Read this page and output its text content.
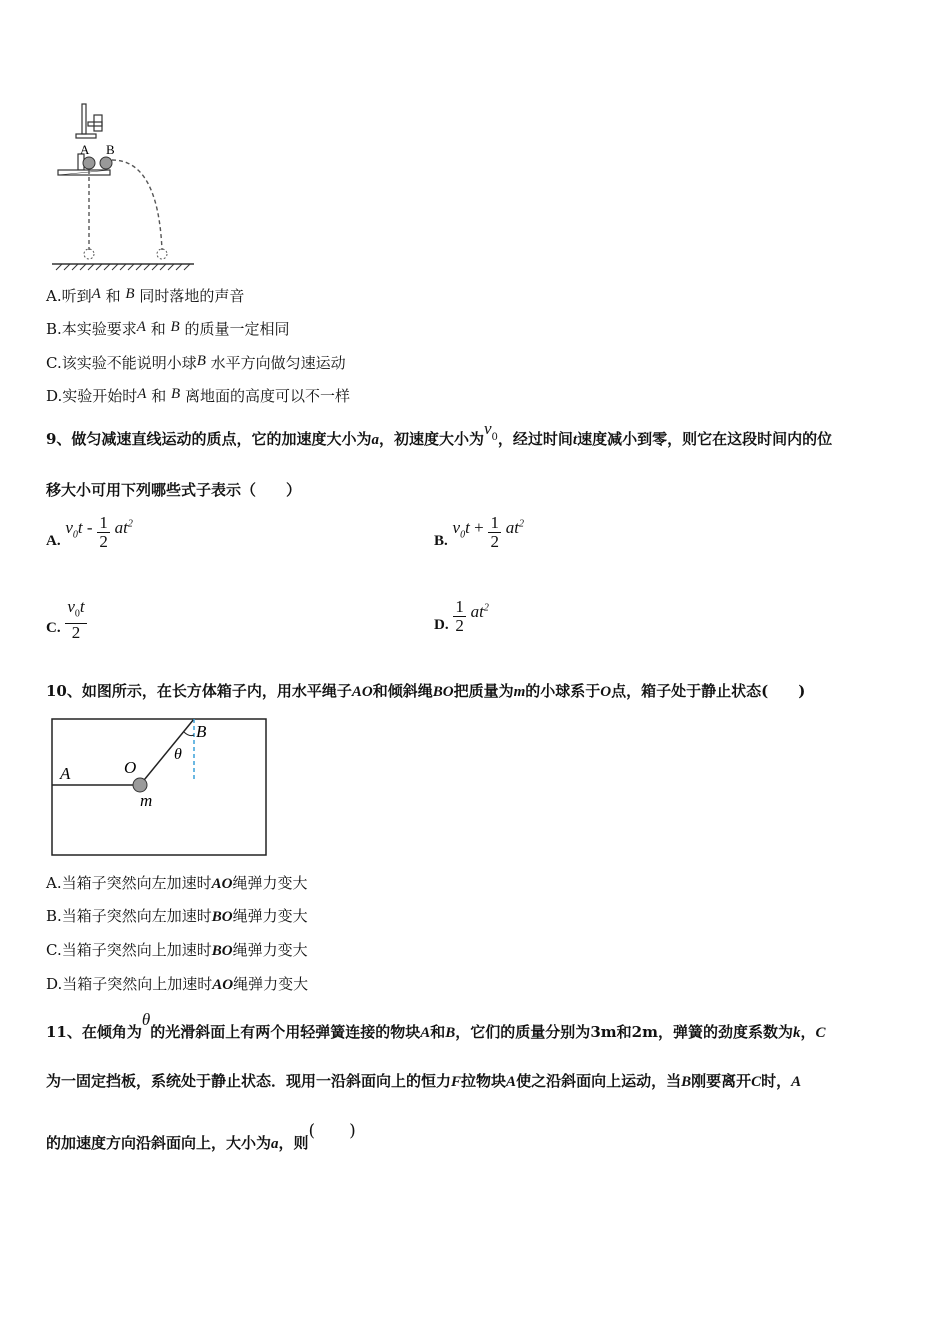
A B
A.听到A 和 B 同时落地的声音
B.本实验要求A 和 B 的质量一定相同
C.该实验不能说明小球B 水平方向做匀速运动
D.实验开始时A 和 B 离地面的高度可以不一样
9、做匀减速直线运动的质点，它的加速度大小为a，初速度大小为$v_0$，经过时间t速度减小到零，则它在这段时间内的位
移大小可用下列哪些式子表示（　　）
A. $v_0t - \frac{1}{2} at^2$
B. $v_0t + \frac{1}{2} at^2$
C. $\frac{v_0t}{2}$	D. $\frac{1}{2} at^2$
10、如图所示，在长方体箱子内，用水平绳子AO和倾斜绳BO把质量为m的小球系于O点，箱子处于静止状态(　　)
A
B
O
m
θ
A.当箱子突然向左加速时AO绳弹力变大
B.当箱子突然向左加速时BO绳弹力变大
C.当箱子突然向上加速时BO绳弹力变大
D.当箱子突然向上加速时AO绳弹力变大
11、在倾角为θ的光滑斜面上有两个用轻弹簧连接的物块A和B，它们的质量分别为3m和2m，弹簧的劲度系数为k，C
为一固定挡板，系统处于静止状态．现用一沿斜面向上的恒力F拉物块A使之沿斜面向上运动，当B刚要离开C时，A
的加速度方向沿斜面向上，大小为a，则(　　)
